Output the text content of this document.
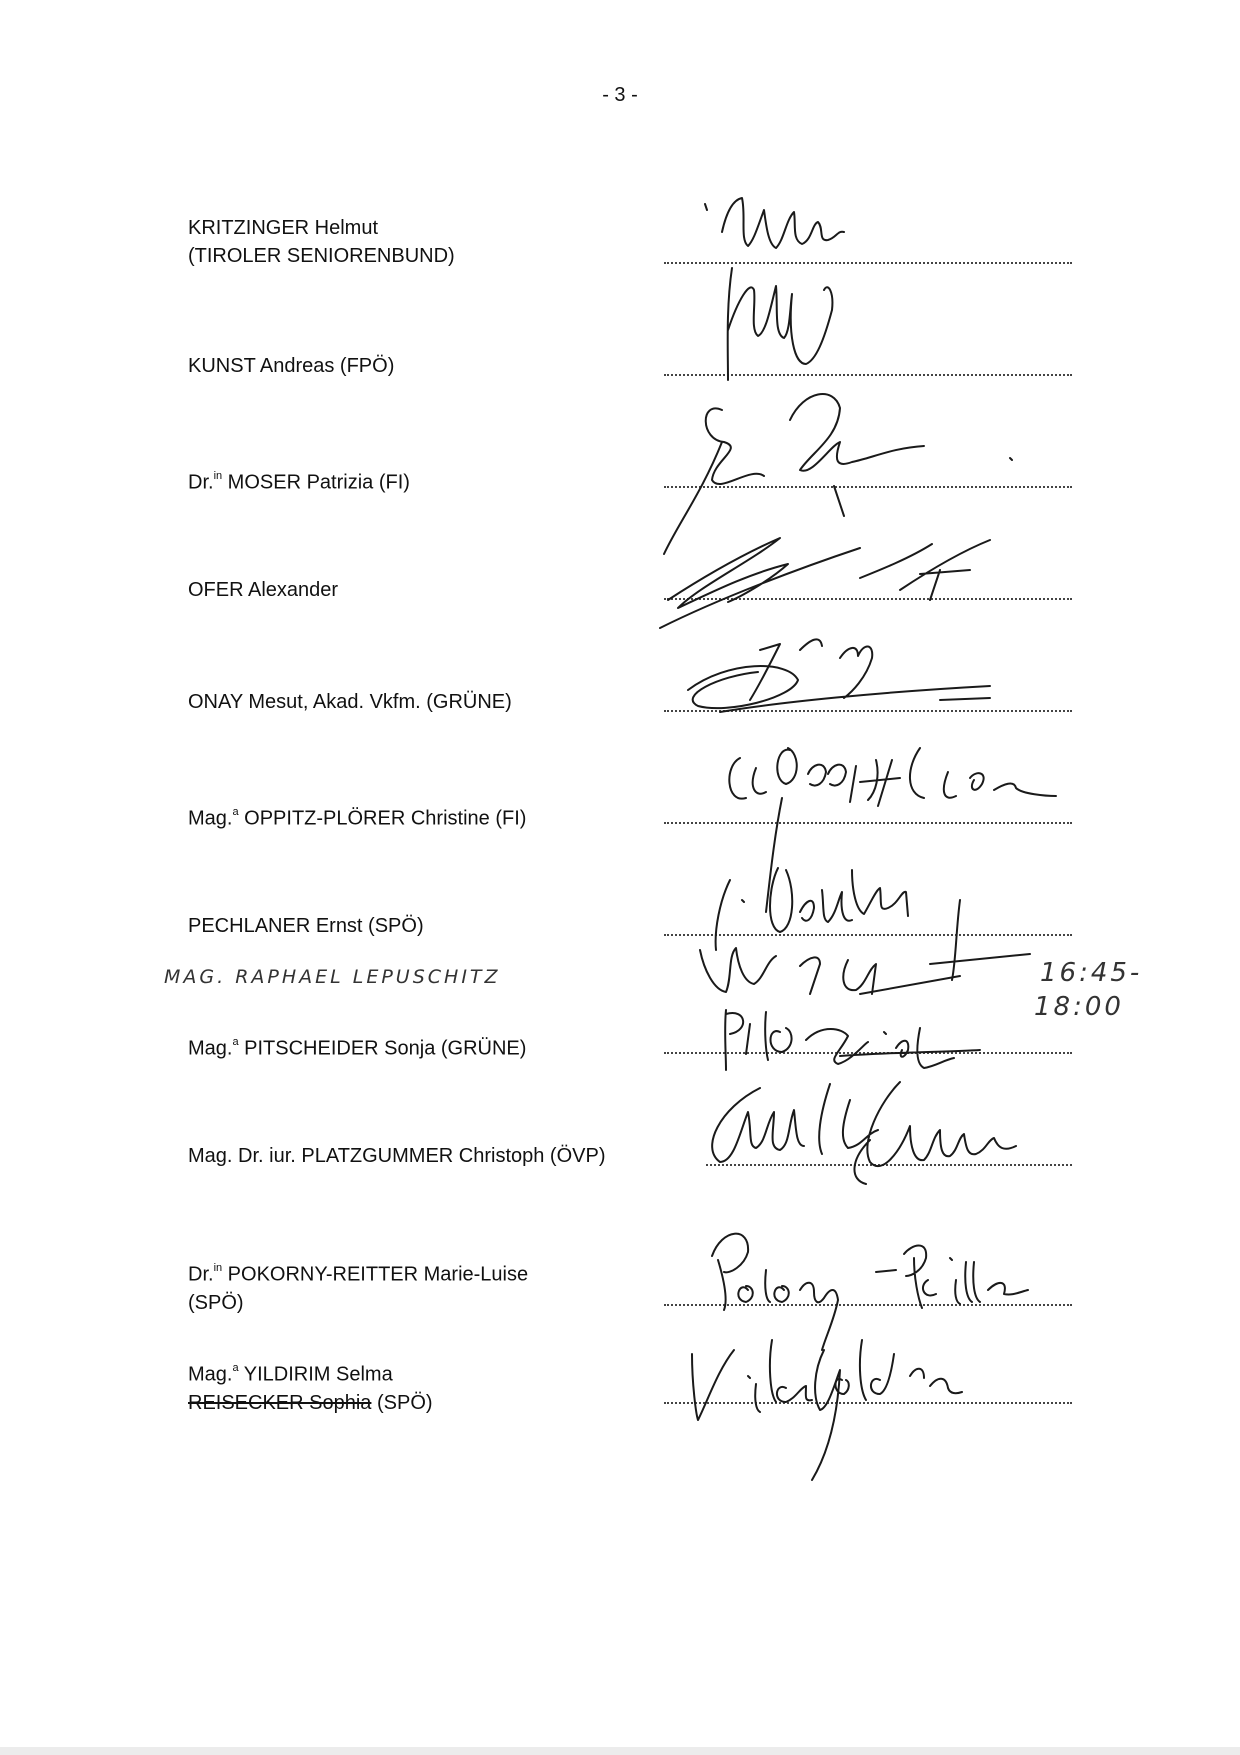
- 3 -
KRITZINGER Helmut
(TIROLER SENIORENBUND)
KUNST Andreas (FPÖ)
Dr.$^{in}$ MOSER Patrizia (FI)
OFER Alexander
ONAY Mesut, Akad. Vkfm. (GRÜNE)
Mag.$^a$ OPPITZ-PLÖRER Christine (FI)
PECHLANER Ernst (SPÖ)
Mag.$^a$ PITSCHEIDER Sonja (GRÜNE)
Mag. Dr. iur. PLATZGUMMER Christoph (ÖVP)
Dr.$^{in}$ POKORNY-REITTER Marie-Luise
(SPÖ)
Mag.$^a$ YILDIRIM Selma
REISECKER Sophia (SPÖ)
MAG. RAPHAEL LEPUSCHITZ	16:45-
18:00
